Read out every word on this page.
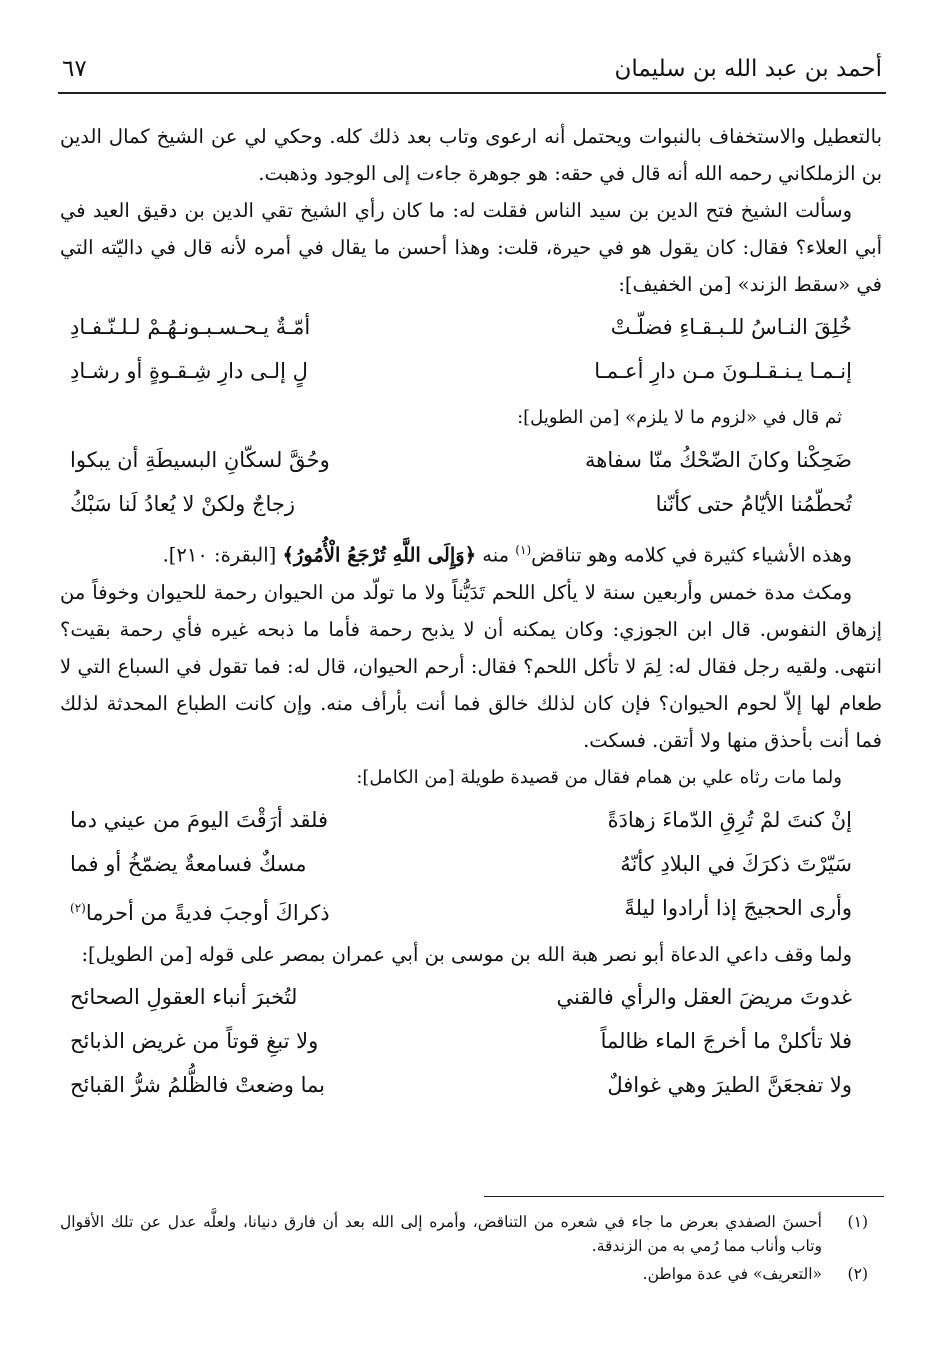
أحمد بن عبد الله بن سليمان
٦٧

بالتعطيل والاستخفاف بالنبوات ويحتمل أنه ارعوى وتاب بعد ذلك كله. وحكي لي عن الشيخ كمال الدين بن الزملكاني رحمه الله أنه قال في حقه: هو جوهرة جاءت إلى الوجود وذهبت.

وسألت الشيخ فتح الدين بن سيد الناس فقلت له: ما كان رأي الشيخ تقي الدين بن دقيق العيد في أبي العلاء؟ فقال: كان يقول هو في حيرة، قلت: وهذا أحسن ما يقال في أمره لأنه قال في داليّته التي في «سقط الزند» [من الخفيف]:

خُلِقَ النـاسُ للـبـقـاءِ فضلّـتْ
أمّـةٌ يـحـسـبـونـهُـمْ لـلـنّـفـادِ
إنـمـا يـنـقـلـونَ مـن دارِ أعـمـا
لٍ إلـى دارِ شِـقـوةٍ أو رشـادِ

ثم قال في «لزوم ما لا يلزم» [من الطويل]:

ضَحِكْنا وكانَ الضّحْكُ منّا سفاهة
وحُقَّ لسكّانِ البسيطَةِ أن يبكوا
تُحطّمُنا الأيّامُ حتى كأنّنا
زجاجٌ ولكنْ لا يُعادُ لَنا سَبْكُ

وهذه الأشياء كثيرة في كلامه وهو تناقض$^{(١)}$ منه ﴿وَإِلَى اللَّهِ تُرْجَعُ الْأُمُورُ﴾ [البقرة: ٢١٠].

ومكث مدة خمس وأربعين سنة لا يأكل اللحم تَدَيُّناً ولا ما تولّد من الحيوان رحمة للحيوان وخوفاً من إزهاق النفوس. قال ابن الجوزي: وكان يمكنه أن لا يذبح رحمة فأما ما ذبحه غيره فأي رحمة بقيت؟ انتهى. ولقيه رجل فقال له: لِمَ لا تأكل اللحم؟ فقال: أرحم الحيوان، قال له: فما تقول في السباع التي لا طعام لها إلاّ لحوم الحيوان؟ فإن كان لذلك خالق فما أنت بأرأف منه. وإن كانت الطباع المحدثة لذلك فما أنت بأحذق منها ولا أتقن. فسكت.

ولما مات رثاه علي بن همام فقال من قصيدة طويلة [من الكامل]:

إنْ كنتَ لمْ تُرِقِ الدّماءَ زهادَةً
فلقد أرَقْتَ اليومَ من عيني دما
سَيّرْتَ ذكرَكَ في البلادِ كأنّهُ
مسكٌ فسامعةٌ يضمّخُ أو فما
وأرى الحجيجَ إذا أرادوا ليلةً
ذكراكَ أوجبَ فديةً من أحرما$^{(٢)}$

ولما وقف داعي الدعاة أبو نصر هبة الله بن موسى بن أبي عمران بمصر على قوله [من الطويل]:

غدوتَ مريضَ العقل والرأي فالقني
لتُخبرَ أنباء العقولِ الصحائح
فلا تأكلنْ ما أخرجَ الماء ظالماً
ولا تبغِ قوتاً من غريض الذبائح
ولا تفجعَنَّ الطيرَ وهي غوافلٌ
بما وضعتْ فالظُّلمُ شرُّ القبائح
(١)
أحسنَ الصفدي بعرض ما جاء في شعره من التناقض، وأمره إلى الله بعد أن فارق دنيانا، ولعلَّه عدل عن تلك الأقوال وتاب وأناب مما رُمي به من الزندقة.
(٢)
«التعريف» في عدة مواطن.
